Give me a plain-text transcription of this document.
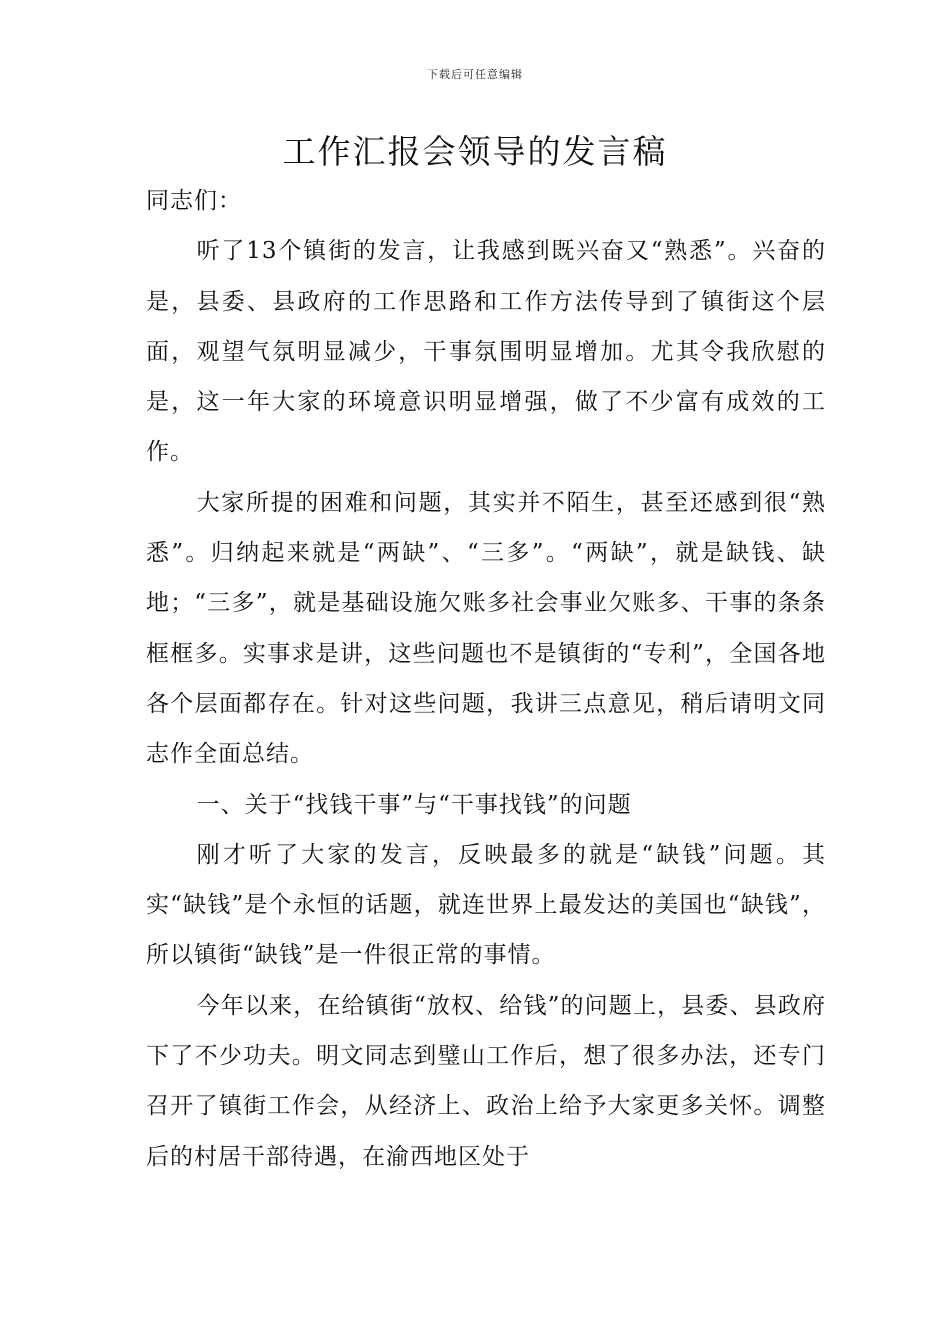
下载后可任意编辑
工作汇报会领导的发言稿

同志们：

听了13个镇街的发言，让我感到既兴奋又“熟悉”。兴奋的是，县委、县政府的工作思路和工作方法传导到了镇街这个层面，观望气氛明显减少，干事氛围明显增加。尤其令我欣慰的是，这一年大家的环境意识明显增强，做了不少富有成效的工作。

大家所提的困难和问题，其实并不陌生，甚至还感到很“熟悉”。归纳起来就是“两缺”、“三多”。“两缺”，就是缺钱、缺地；“三多”，就是基础设施欠账多社会事业欠账多、干事的条条框框多。实事求是讲，这些问题也不是镇街的“专利”，全国各地各个层面都存在。针对这些问题，我讲三点意见，稍后请明文同志作全面总结。

一、关于“找钱干事”与“干事找钱”的问题

刚才听了大家的发言，反映最多的就是“缺钱”问题。其实“缺钱”是个永恒的话题，就连世界上最发达的美国也“缺钱”，所以镇街“缺钱”是一件很正常的事情。

今年以来，在给镇街“放权、给钱”的问题上，县委、县政府下了不少功夫。明文同志到璧山工作后，想了很多办法，还专门召开了镇街工作会，从经济上、政治上给予大家更多关怀。调整后的村居干部待遇，在渝西地区处于
